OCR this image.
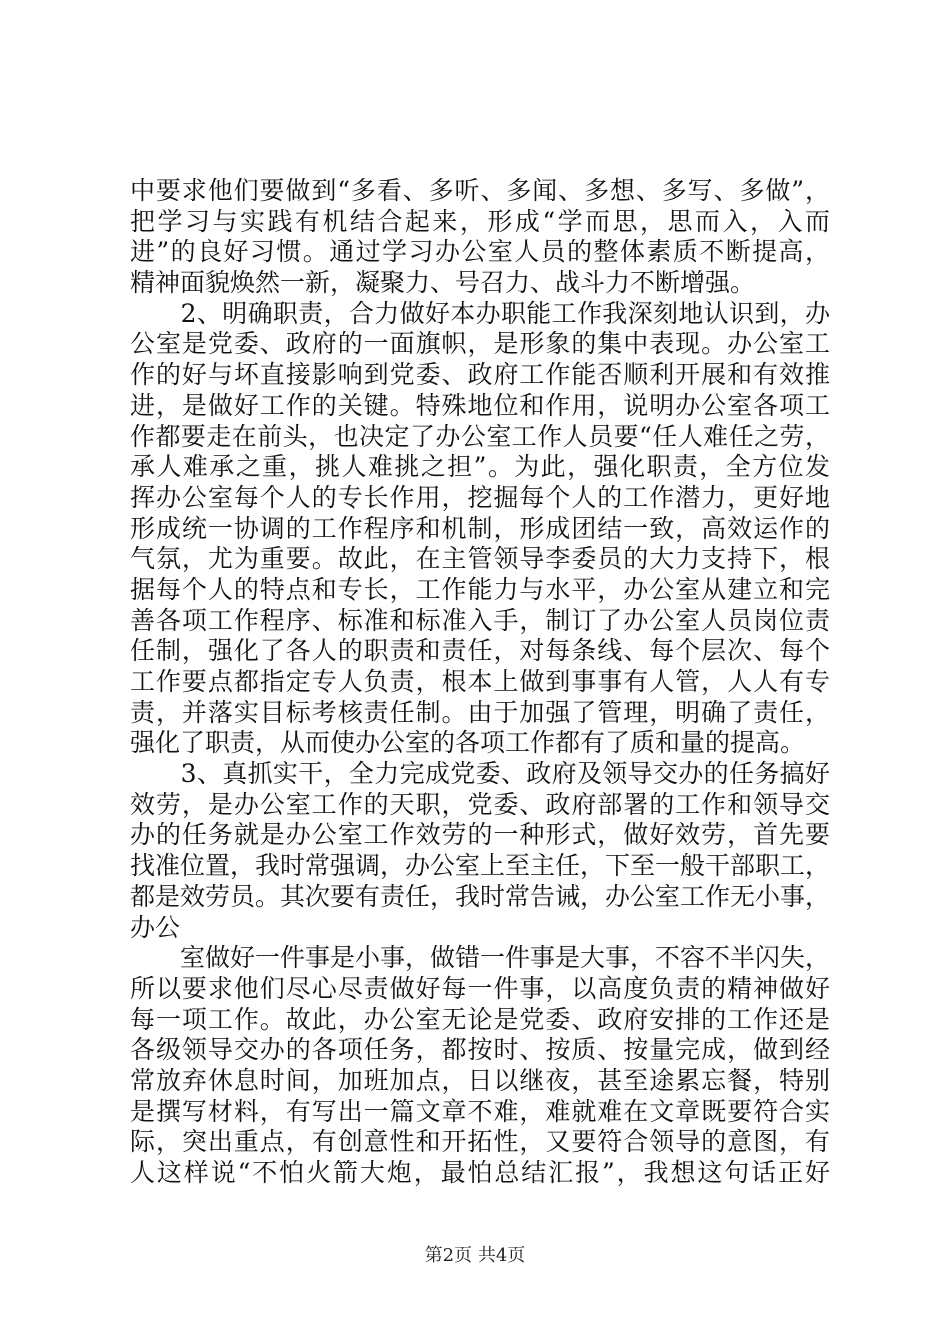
中要求他们要做到“多看、多听、多闻、多想、多写、多做”，
把学习与实践有机结合起来，形成“学而思，思而入，入而
进”的良好习惯。通过学习办公室人员的整体素质不断提高，
精神面貌焕然一新，凝聚力、号召力、战斗力不断增强。
　　2、明确职责，合力做好本办职能工作我深刻地认识到，办
公室是党委、政府的一面旗帜，是形象的集中表现。办公室工
作的好与坏直接影响到党委、政府工作能否顺利开展和有效推
进，是做好工作的关键。特殊地位和作用，说明办公室各项工
作都要走在前头，也决定了办公室工作人员要“任人难任之劳，
承人难承之重，挑人难挑之担”。为此，强化职责，全方位发
挥办公室每个人的专长作用，挖掘每个人的工作潜力，更好地
形成统一协调的工作程序和机制，形成团结一致，高效运作的
气氛，尤为重要。故此，在主管领导李委员的大力支持下，根
据每个人的特点和专长，工作能力与水平，办公室从建立和完
善各项工作程序、标准和标准入手，制订了办公室人员岗位责
任制，强化了各人的职责和责任，对每条线、每个层次、每个
工作要点都指定专人负责，根本上做到事事有人管，人人有专
责，并落实目标考核责任制。由于加强了管理，明确了责任，
强化了职责，从而使办公室的各项工作都有了质和量的提高。
　　3、真抓实干，全力完成党委、政府及领导交办的任务搞好
效劳，是办公室工作的天职，党委、政府部署的工作和领导交
办的任务就是办公室工作效劳的一种形式，做好效劳，首先要
找准位置，我时常强调，办公室上至主任，下至一般干部职工，
都是效劳员。其次要有责任，我时常告诫，办公室工作无小事，
办公
　　室做好一件事是小事，做错一件事是大事，不容不半闪失，
所以要求他们尽心尽责做好每一件事，以高度负责的精神做好
每一项工作。故此，办公室无论是党委、政府安排的工作还是
各级领导交办的各项任务，都按时、按质、按量完成，做到经
常放弃休息时间，加班加点，日以继夜，甚至途累忘餐，特别
是撰写材料，有写出一篇文章不难，难就难在文章既要符合实
际，突出重点，有创意性和开拓性，又要符合领导的意图，有
人这样说“不怕火箭大炮，最怕总结汇报”，我想这句话正好
第2页 共4页
